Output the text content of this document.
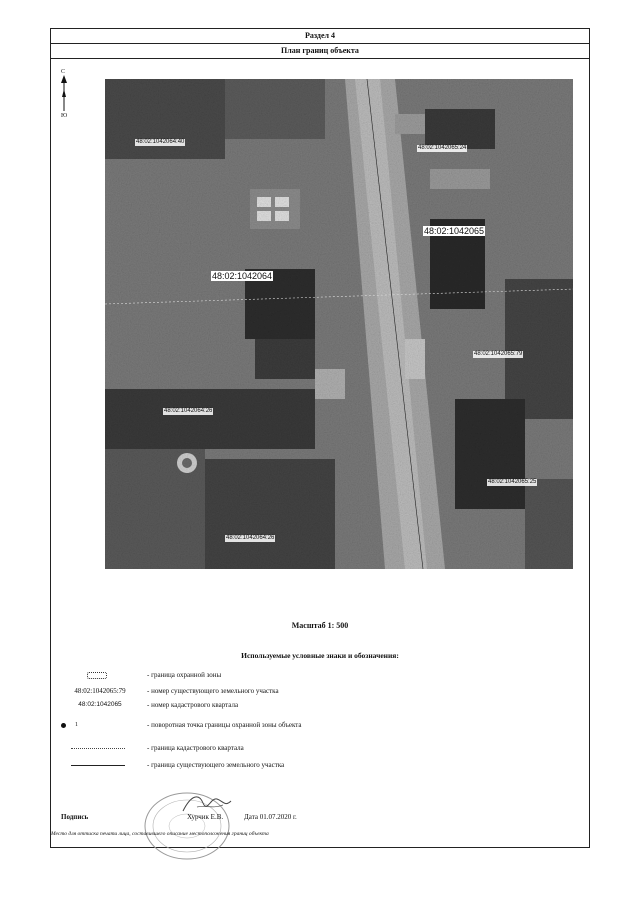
Раздел 4
План границ объекта
С
Ю
48:02:1042064:40
48:02:1042065:24
48:02:1042065
48:02:1042064
48:02:1042065:79
48:02:1042064:26
48:02:1042065:25
48:02:1042064:26
Масштаб 1: 500
Используемые условные знаки и обозначения:
- граница охранной зоны
48:02:1042065:79	- номер существующего земельного участка
48:02:1042065	- номер кадастрового квартала
1	- поворотная точка границы охранной зоны объекта
- граница кадастрового квартала
- граница существующего земельного участка
Подпись	Хурчик Е.В.	Дата 01.07.2020 г.
Место для оттиска печати лица, составившего описание местоположения границ объекта
